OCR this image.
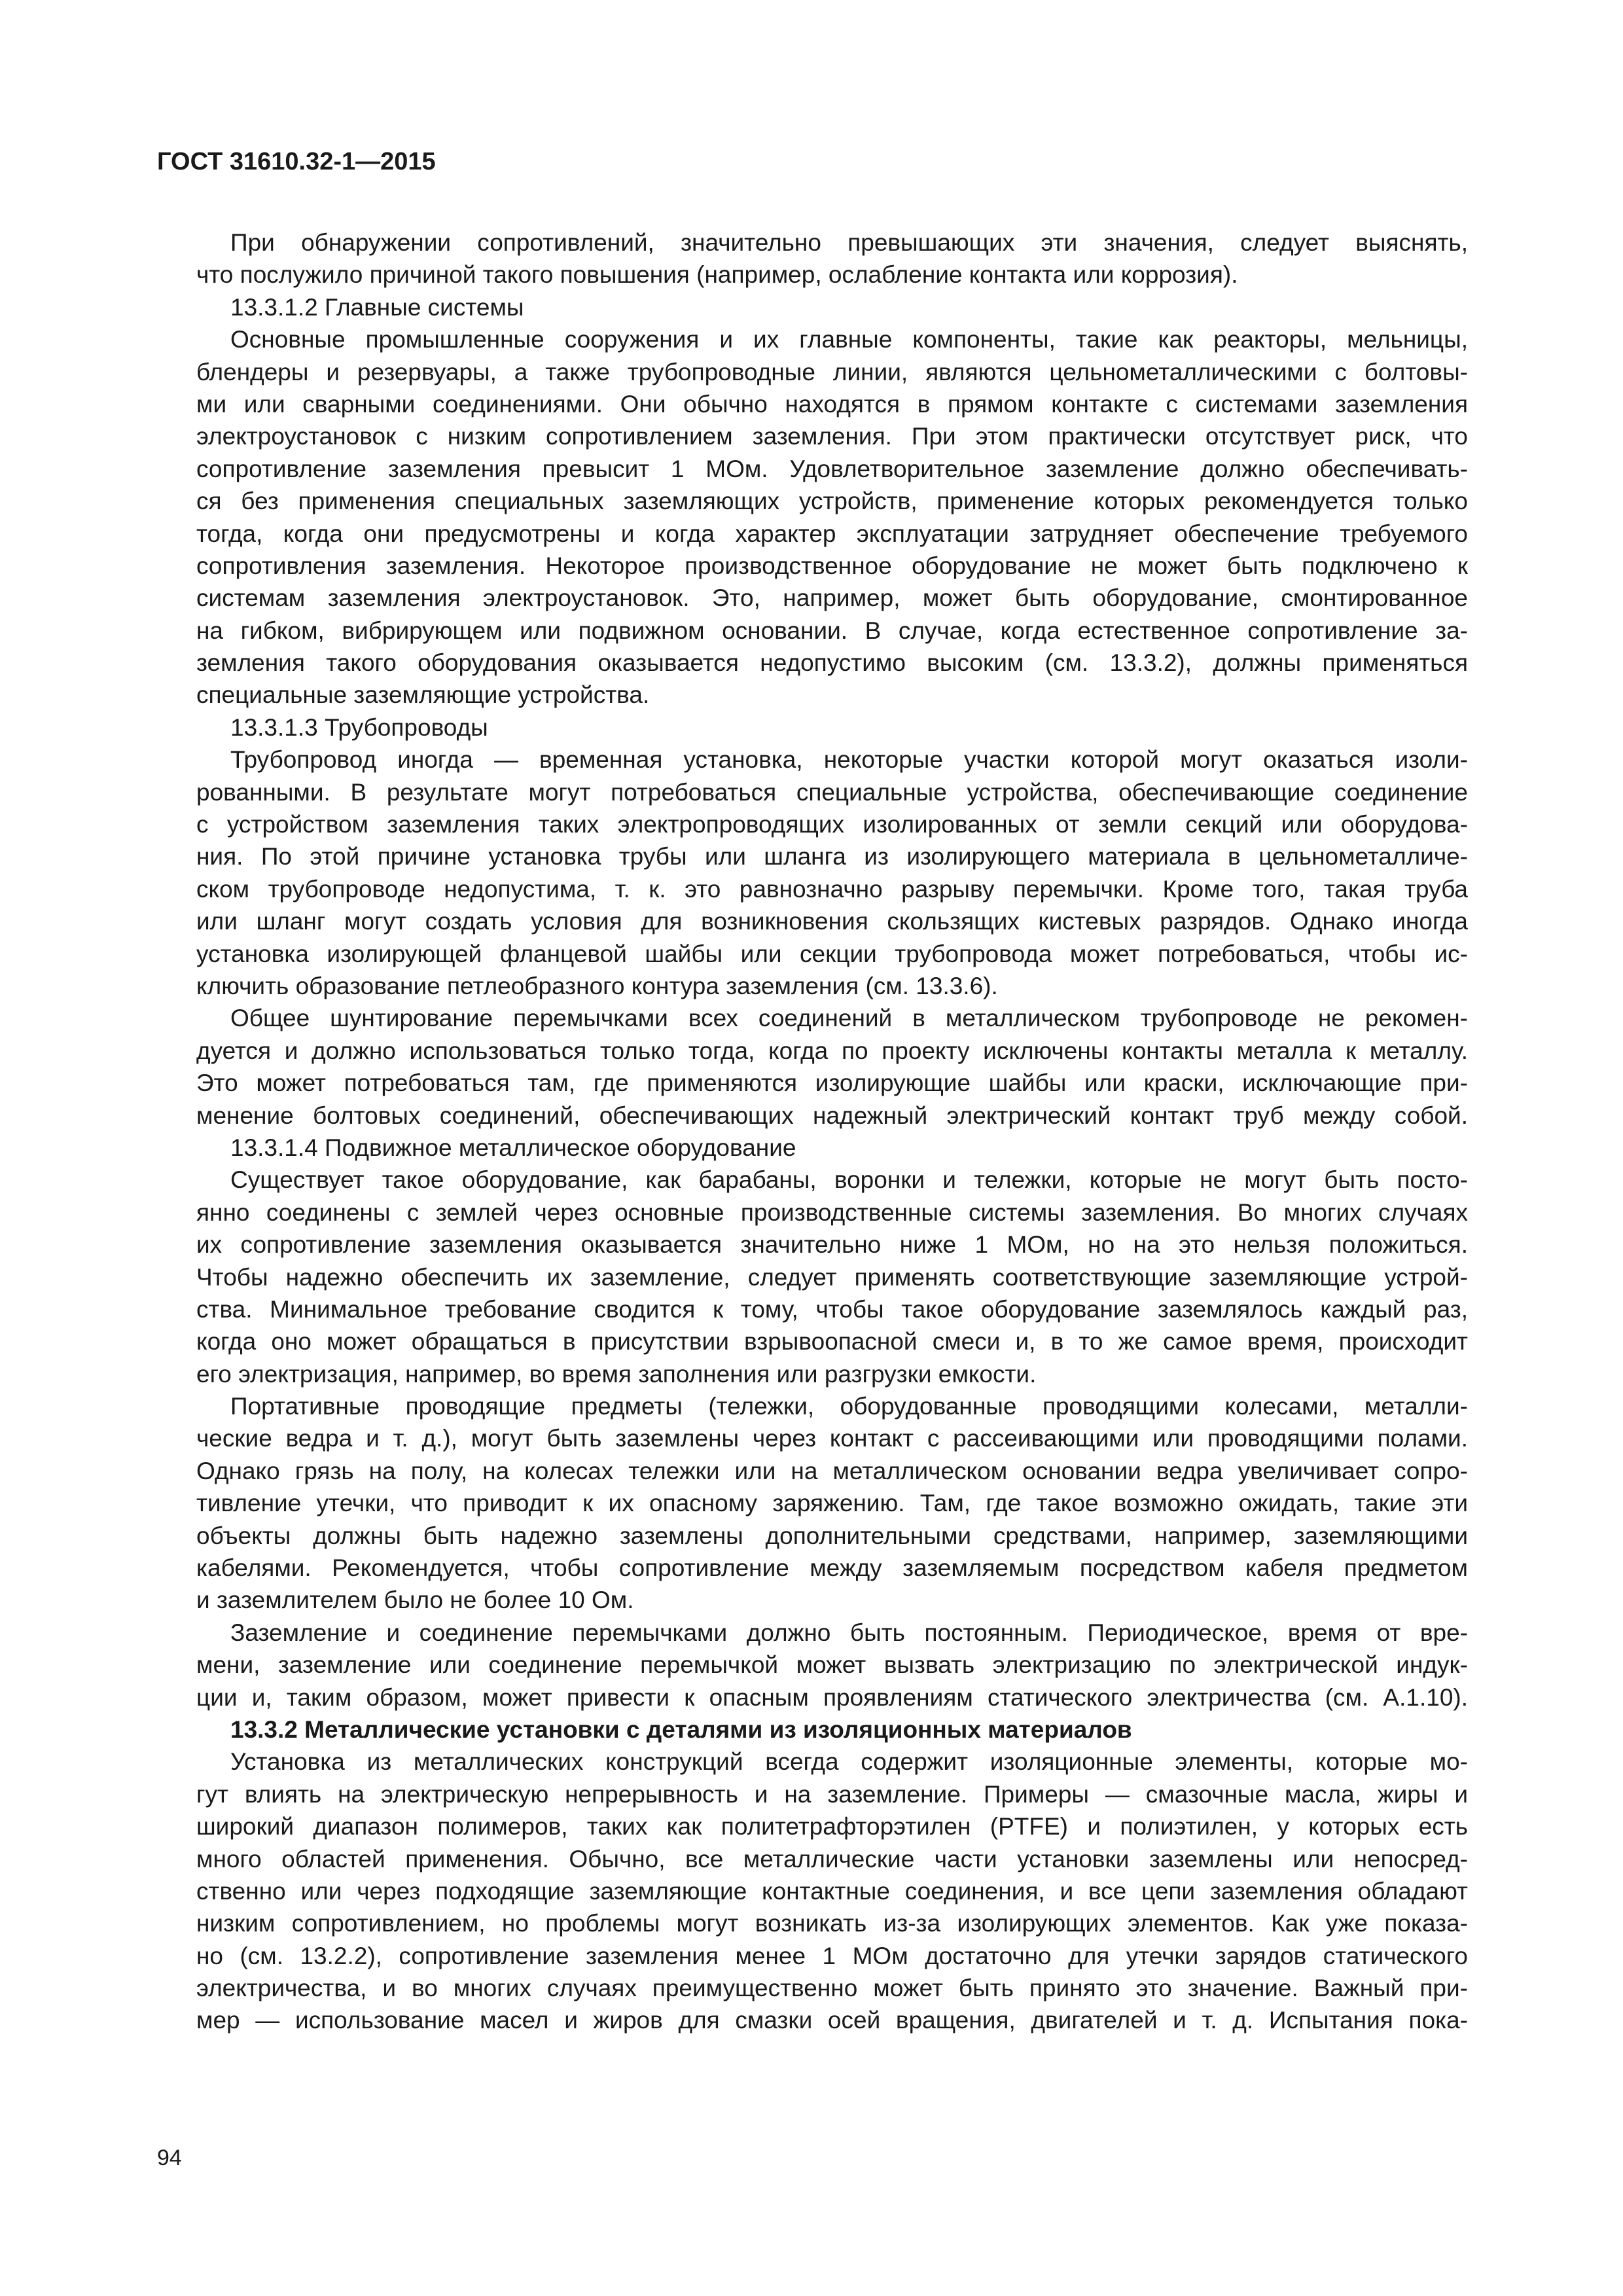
ГОСТ 31610.32-1—2015
При обнаружении сопротивлений, значительно превышающих эти значения, следует выяснять,
что послужило причиной такого повышения (например, ослабление контакта или коррозия).
13.3.1.2 Главные системы
Основные промышленные сооружения и их главные компоненты, такие как реакторы, мельницы,
блендеры и резервуары, а также трубопроводные линии, являются цельнометаллическими с болтовы-
ми или сварными соединениями. Они обычно находятся в прямом контакте с системами заземления
электроустановок с низким сопротивлением заземления. При этом практически отсутствует риск, что
сопротивление заземления превысит 1 МОм. Удовлетворительное заземление должно обеспечивать-
ся без применения специальных заземляющих устройств, применение которых рекомендуется только
тогда, когда они предусмотрены и когда характер эксплуатации затрудняет обеспечение требуемого
сопротивления заземления. Некоторое производственное оборудование не может быть подключено к
системам заземления электроустановок. Это, например, может быть оборудование, смонтированное
на гибком, вибрирующем или подвижном основании. В случае, когда естественное сопротивление за-
земления такого оборудования оказывается недопустимо высоким (см. 13.3.2), должны применяться
специальные заземляющие устройства.
13.3.1.3 Трубопроводы
Трубопровод иногда — временная установка, некоторые участки которой могут оказаться изоли-
рованными. В результате могут потребоваться специальные устройства, обеспечивающие соединение
с устройством заземления таких электропроводящих изолированных от земли секций или оборудова-
ния. По этой причине установка трубы или шланга из изолирующего материала в цельнометалличе-
ском трубопроводе недопустима, т. к. это равнозначно разрыву перемычки. Кроме того, такая труба
или шланг могут создать условия для возникновения скользящих кистевых разрядов. Однако иногда
установка изолирующей фланцевой шайбы или секции трубопровода может потребоваться, чтобы ис-
ключить образование петлеобразного контура заземления (см. 13.3.6).
Общее шунтирование перемычками всех соединений в металлическом трубопроводе не рекомен-
дуется и должно использоваться только тогда, когда по проекту исключены контакты металла к металлу.
Это может потребоваться там, где применяются изолирующие шайбы или краски, исключающие при-
менение болтовых соединений, обеспечивающих надежный электрический контакт труб между собой.
13.3.1.4 Подвижное металлическое оборудование
Существует такое оборудование, как барабаны, воронки и тележки, которые не могут быть посто-
янно соединены с землей через основные производственные системы заземления. Во многих случаях
их сопротивление заземления оказывается значительно ниже 1 МОм, но на это нельзя положиться.
Чтобы надежно обеспечить их заземление, следует применять соответствующие заземляющие устрой-
ства. Минимальное требование сводится к тому, чтобы такое оборудование заземлялось каждый раз,
когда оно может обращаться в присутствии взрывоопасной смеси и, в то же самое время, происходит
его электризация, например, во время заполнения или разгрузки емкости.
Портативные проводящие предметы (тележки, оборудованные проводящими колесами, металли-
ческие ведра и т. д.), могут быть заземлены через контакт с рассеивающими или проводящими полами.
Однако грязь на полу, на колесах тележки или на металлическом основании ведра увеличивает сопро-
тивление утечки, что приводит к их опасному заряжению. Там, где такое возможно ожидать, такие эти
объекты должны быть надежно заземлены дополнительными средствами, например, заземляющими
кабелями. Рекомендуется, чтобы сопротивление между заземляемым посредством кабеля предметом
и заземлителем было не более 10 Ом.
Заземление и соединение перемычками должно быть постоянным. Периодическое, время от вре-
мени, заземление или соединение перемычкой может вызвать электризацию по электрической индук-
ции и, таким образом, может привести к опасным проявлениям статического электричества (см. А.1.10).
13.3.2 Металлические установки с деталями из изоляционных материалов
Установка из металлических конструкций всегда содержит изоляционные элементы, которые мо-
гут влиять на электрическую непрерывность и на заземление. Примеры — смазочные масла, жиры и
широкий диапазон полимеров, таких как политетрафторэтилен (PTFE) и полиэтилен, у которых есть
много областей применения. Обычно, все металлические части установки заземлены или непосред-
ственно или через подходящие заземляющие контактные соединения, и все цепи заземления обладают
низким сопротивлением, но проблемы могут возникать из-за изолирующих элементов. Как уже показа-
но (см. 13.2.2), сопротивление заземления менее 1 МОм достаточно для утечки зарядов статического
электричества, и во многих случаях преимущественно может быть принято это значение. Важный при-
мер — использование масел и жиров для смазки осей вращения, двигателей и т. д. Испытания пока-
94
